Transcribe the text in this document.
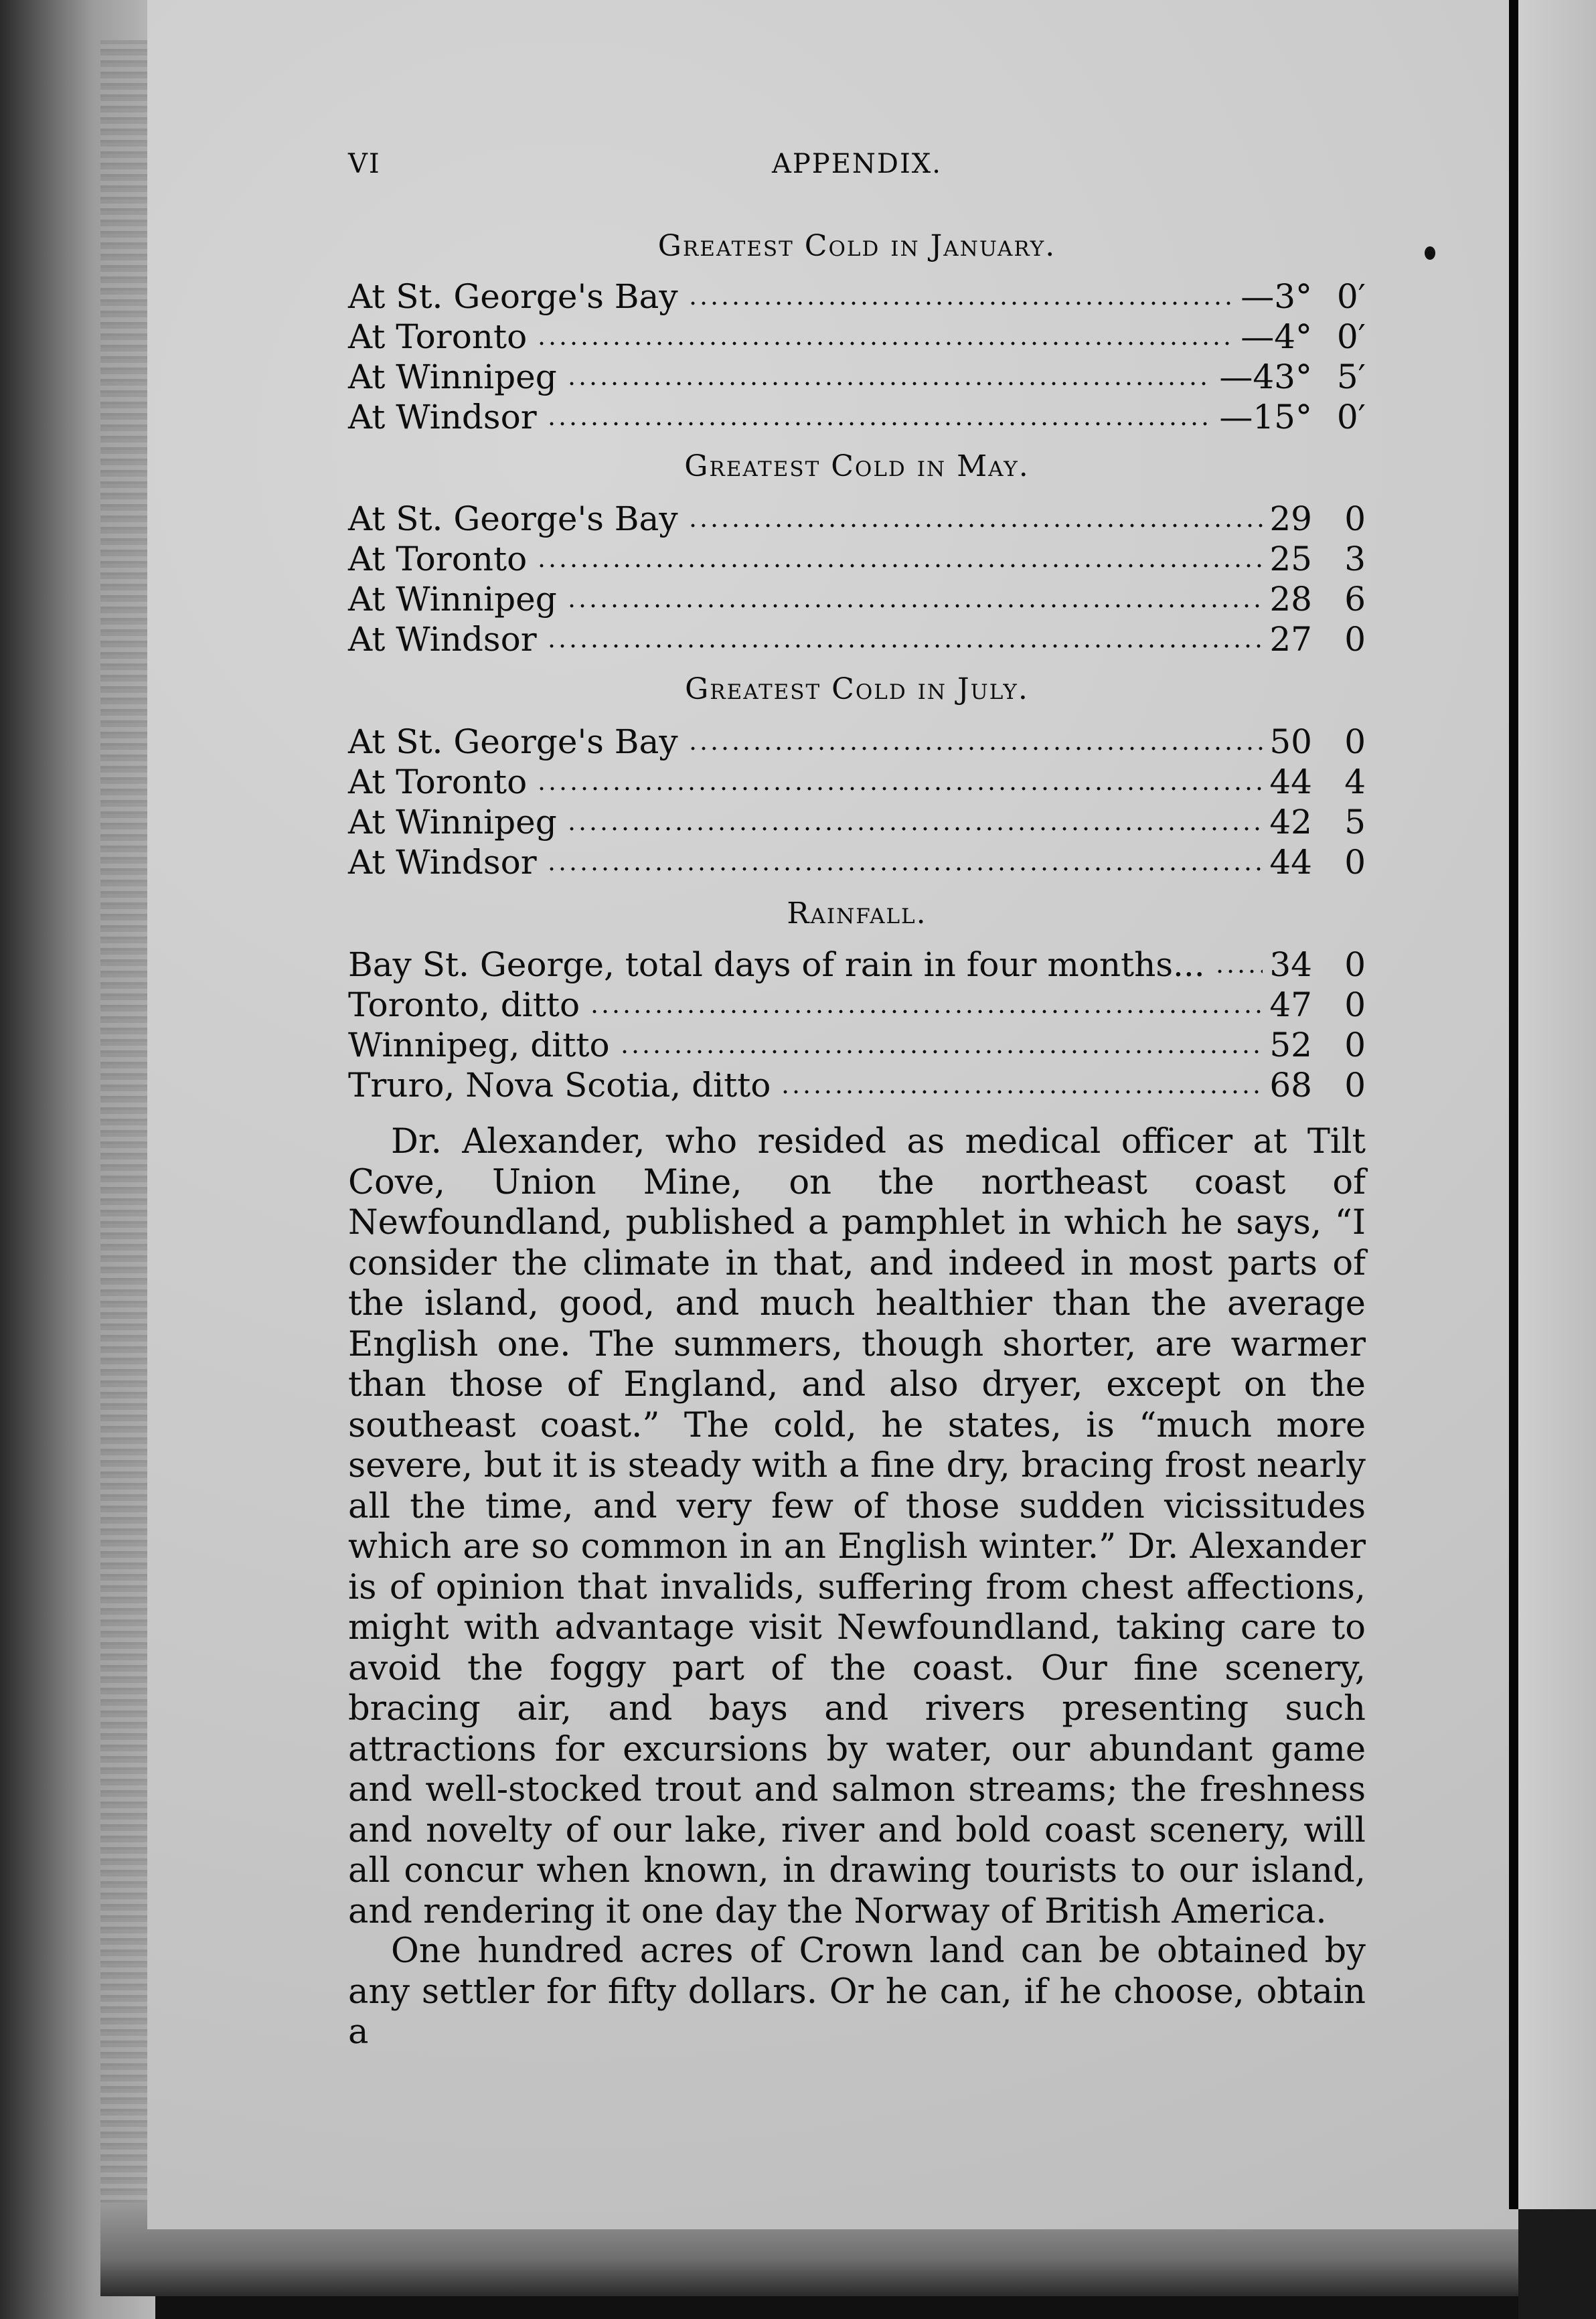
VI	APPENDIX.
Greatest Cold in January.
At St. George's Bay	—3° 0′
At Toronto	—4° 0′
At Winnipeg	—43° 5′
At Windsor	—15° 0′
Greatest Cold in May.
At St. George's Bay	29 0
At Toronto	25 3
At Winnipeg	28 6
At Windsor	27 0
Greatest Cold in July.
At St. George's Bay	50 0
At Toronto	44 4
At Winnipeg	42 5
At Windsor	44 0
Rainfall.
Bay St. George, total days of rain in four months... 34 0
Toronto, ditto	47 0
Winnipeg, ditto	52 0
Truro, Nova Scotia, ditto	68 0
Dr. Alexander, who resided as medical officer at Tilt Cove, Union Mine, on the northeast coast of Newfoundland, published a pamphlet in which he says, “I consider the climate in that, and indeed in most parts of the island, good, and much healthier than the average English one. The summers, though shorter, are warmer than those of England, and also dryer, except on the southeast coast.” The cold, he states, is “much more severe, but it is steady with a fine dry, bracing frost nearly all the time, and very few of those sudden vicissitudes which are so common in an English winter.” Dr. Alexander is of opinion that invalids, suffering from chest affections, might with advantage visit Newfoundland, taking care to avoid the foggy part of the coast. Our fine scenery, bracing air, and bays and rivers presenting such attractions for excursions by water, our abundant game and well-stocked trout and salmon streams; the freshness and novelty of our lake, river and bold coast scenery, will all concur when known, in drawing tourists to our island, and rendering it one day the Norway of British America.
One hundred acres of Crown land can be obtained by any settler for fifty dollars. Or he can, if he choose, obtain a
